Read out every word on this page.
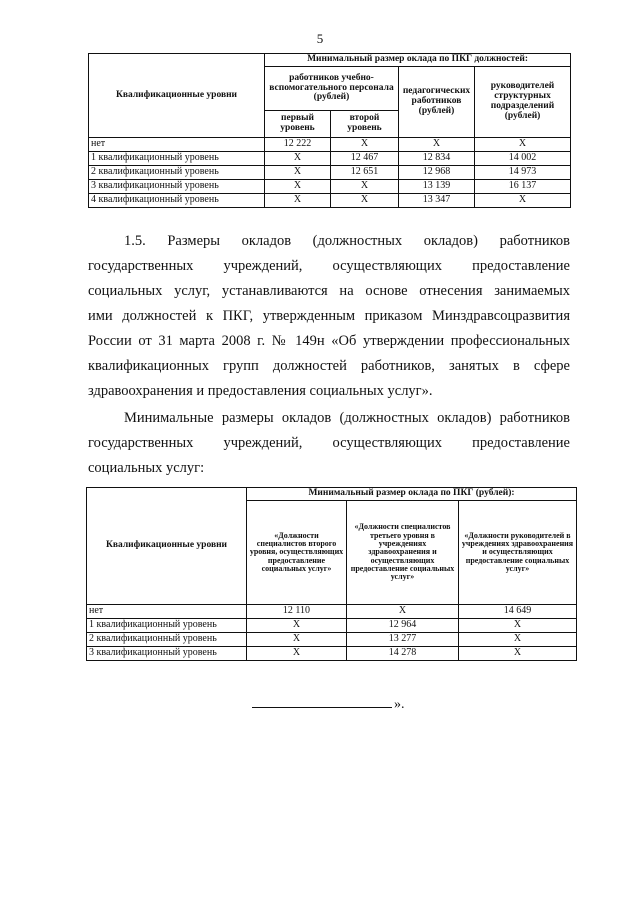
5
Квалификационные уровни	Минимальный размер оклада по ПКГ должностей:			
	работников учебно-вспомогательного персонала (рублей)		педагогических работников (рублей)	руководителей структурных подразделений (рублей)
	первый уровень	второй уровень		
нет	12 222	X	X	X
1 квалификационный уровень	X	12 467	12 834	14 002
2 квалификационный уровень	X	12 651	12 968	14 973
3 квалификационный уровень	X	X	13 139	16 137
4 квалификационный уровень	X	X	13 347	X
1.5. Размеры окладов (должностных окладов) работников
государственных учреждений, осуществляющих предоставление
социальных услуг, устанавливаются на основе отнесения занимаемых
ими должностей к ПКГ, утвержденным приказом Минздравсоцразвития
России от 31 марта 2008 г. № 149н «Об утверждении профессиональных
квалификационных групп должностей работников, занятых в сфере
здравоохранения и предоставления социальных услуг».
Минимальные размеры окладов (должностных окладов) работников
государственных учреждений, осуществляющих предоставление
социальных услуг:
Квалификационные уровни	Минимальный размер оклада по ПКГ (рублей):		
	«Должности специалистов второго уровня, осуществляющих предоставление социальных услуг»	«Должности специалистов третьего уровня в учреждениях здравоохранения и осуществляющих предоставление социальных услуг»	«Должности руководителей в учреждениях здравоохранения и осуществляющих предоставление социальных услуг»
нет	12 110	X	14 649
1 квалификационный уровень	X	12 964	X
2 квалификационный уровень	X	13 277	X
3 квалификационный уровень	X	14 278	X
».
